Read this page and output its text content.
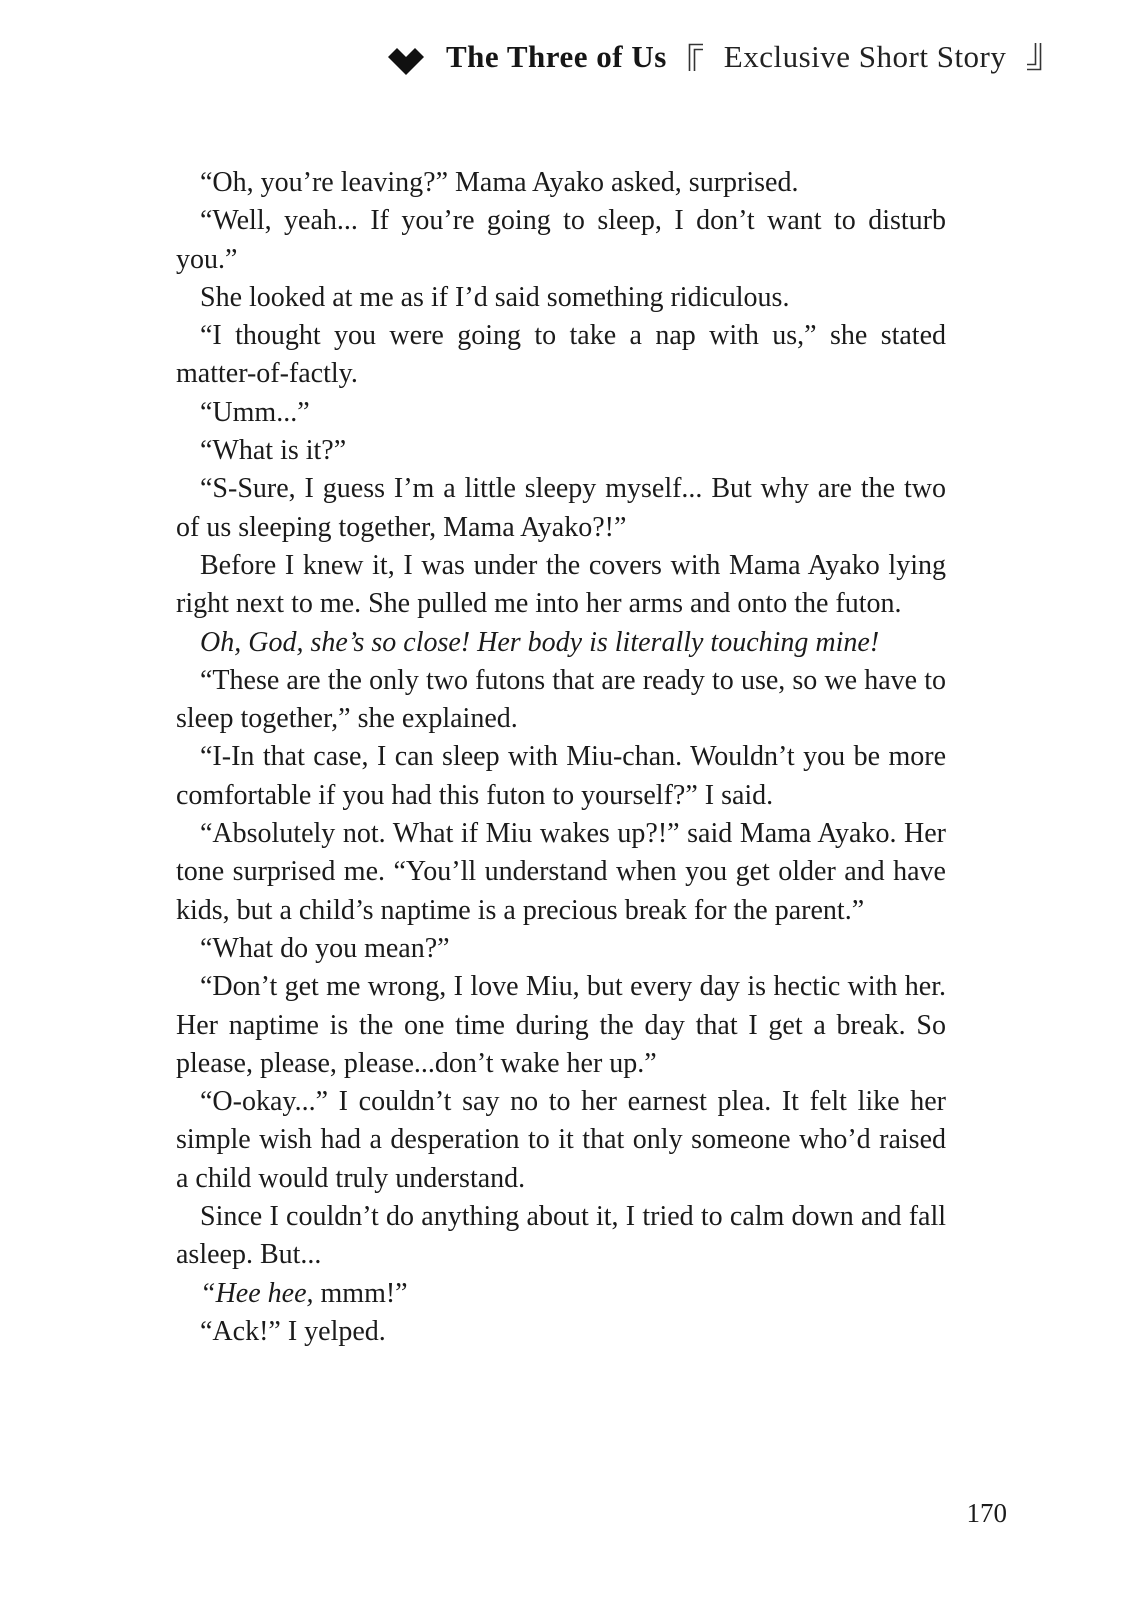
The Three of Us Exclusive Short Story

“Oh, you’re leaving?” Mama Ayako asked, surprised.

“Well, yeah... If you’re going to sleep, I don’t want to disturb you.”

She looked at me as if I’d said something ridiculous.

“I thought you were going to take a nap with us,” she stated matter-of-factly.

“Umm...”

“What is it?”

“S-Sure, I guess I’m a little sleepy myself... But why are the two of us sleeping together, Mama Ayako?!”

Before I knew it, I was under the covers with Mama Ayako lying right next to me. She pulled me into her arms and onto the futon.

Oh, God, she’s so close! Her body is literally touching mine!

“These are the only two futons that are ready to use, so we have to sleep together,” she explained.

“I-In that case, I can sleep with Miu-chan. Wouldn’t you be more comfortable if you had this futon to yourself?” I said.

“Absolutely not. What if Miu wakes up?!” said Mama Ayako. Her tone surprised me. “You’ll understand when you get older and have kids, but a child’s naptime is a precious break for the parent.”

“What do you mean?”

“Don’t get me wrong, I love Miu, but every day is hectic with her. Her naptime is the one time during the day that I get a break. So please, please, please...don’t wake her up.”

“O-okay...” I couldn’t say no to her earnest plea. It felt like her simple wish had a desperation to it that only someone who’d raised a child would truly understand.

Since I couldn’t do anything about it, I tried to calm down and fall asleep. But...

“Hee hee, mmm!”

“Ack!” I yelped.

170
